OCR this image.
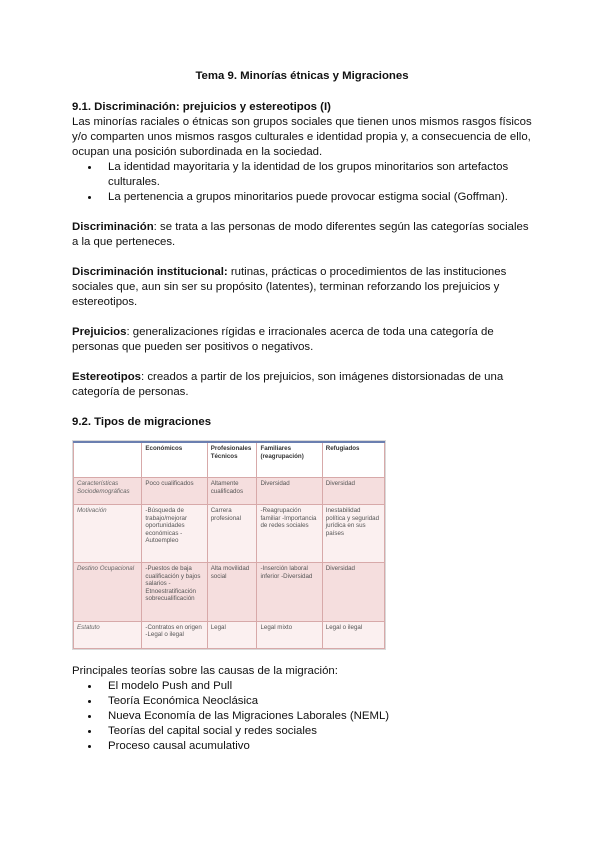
Tema 9. Minorías étnicas y Migraciones
9.1. Discriminación: prejuicios y estereotipos (I)

Las minorías raciales o étnicas son grupos sociales que tienen unos mismos rasgos físicos y/o comparten unos mismos rasgos culturales e identidad propia y, a consecuencia de ello, ocupan una posición subordinada en la sociedad.

• La identidad mayoritaria y la identidad de los grupos minoritarios son artefactos culturales.
• La pertenencia a grupos minoritarios puede provocar estigma social (Goffman).

Discriminación: se trata a las personas de modo diferentes según las categorías sociales a la que perteneces.

Discriminación institucional: rutinas, prácticas o procedimientos de las instituciones sociales que, aun sin ser su propósito (latentes), terminan reforzando los prejuicios y estereotipos.

Prejuicios: generalizaciones rígidas e irracionales acerca de toda una categoría de personas que pueden ser positivos o negativos.

Estereotipos: creados a partir de los prejuicios, son imágenes distorsionadas de una categoría de personas.

9.2. Tipos de migraciones
	Económicos	Profesionales Técnicos	Familiares (reagrupación)	Refugiados
Características Sociodemográficas	Poco cualificados	Altamente cualificados	Diversidad	Diversidad
Motivación	-Búsqueda de trabajo/mejorar oportunidades económicas -Autoempleo	Carrera profesional	-Reagrupación familiar -Importancia de redes sociales	Inestabilidad política y seguridad jurídica en sus países
Destino Ocupacional	-Puestos de baja cualificación y bajos salarios -Etnoestratificación sobrecualificación	Alta movilidad social	-Inserción laboral inferior -Diversidad	Diversidad
Estatuto	-Contratos en origen -Legal o ilegal	Legal	Legal mixto	Legal o ilegal

Principales teorías sobre las causas de la migración:

• El modelo Push and Pull
• Teoría Económica Neoclásica
• Nueva Economía de las Migraciones Laborales (NEML)
• Teorías del capital social y redes sociales
• Proceso causal acumulativo
